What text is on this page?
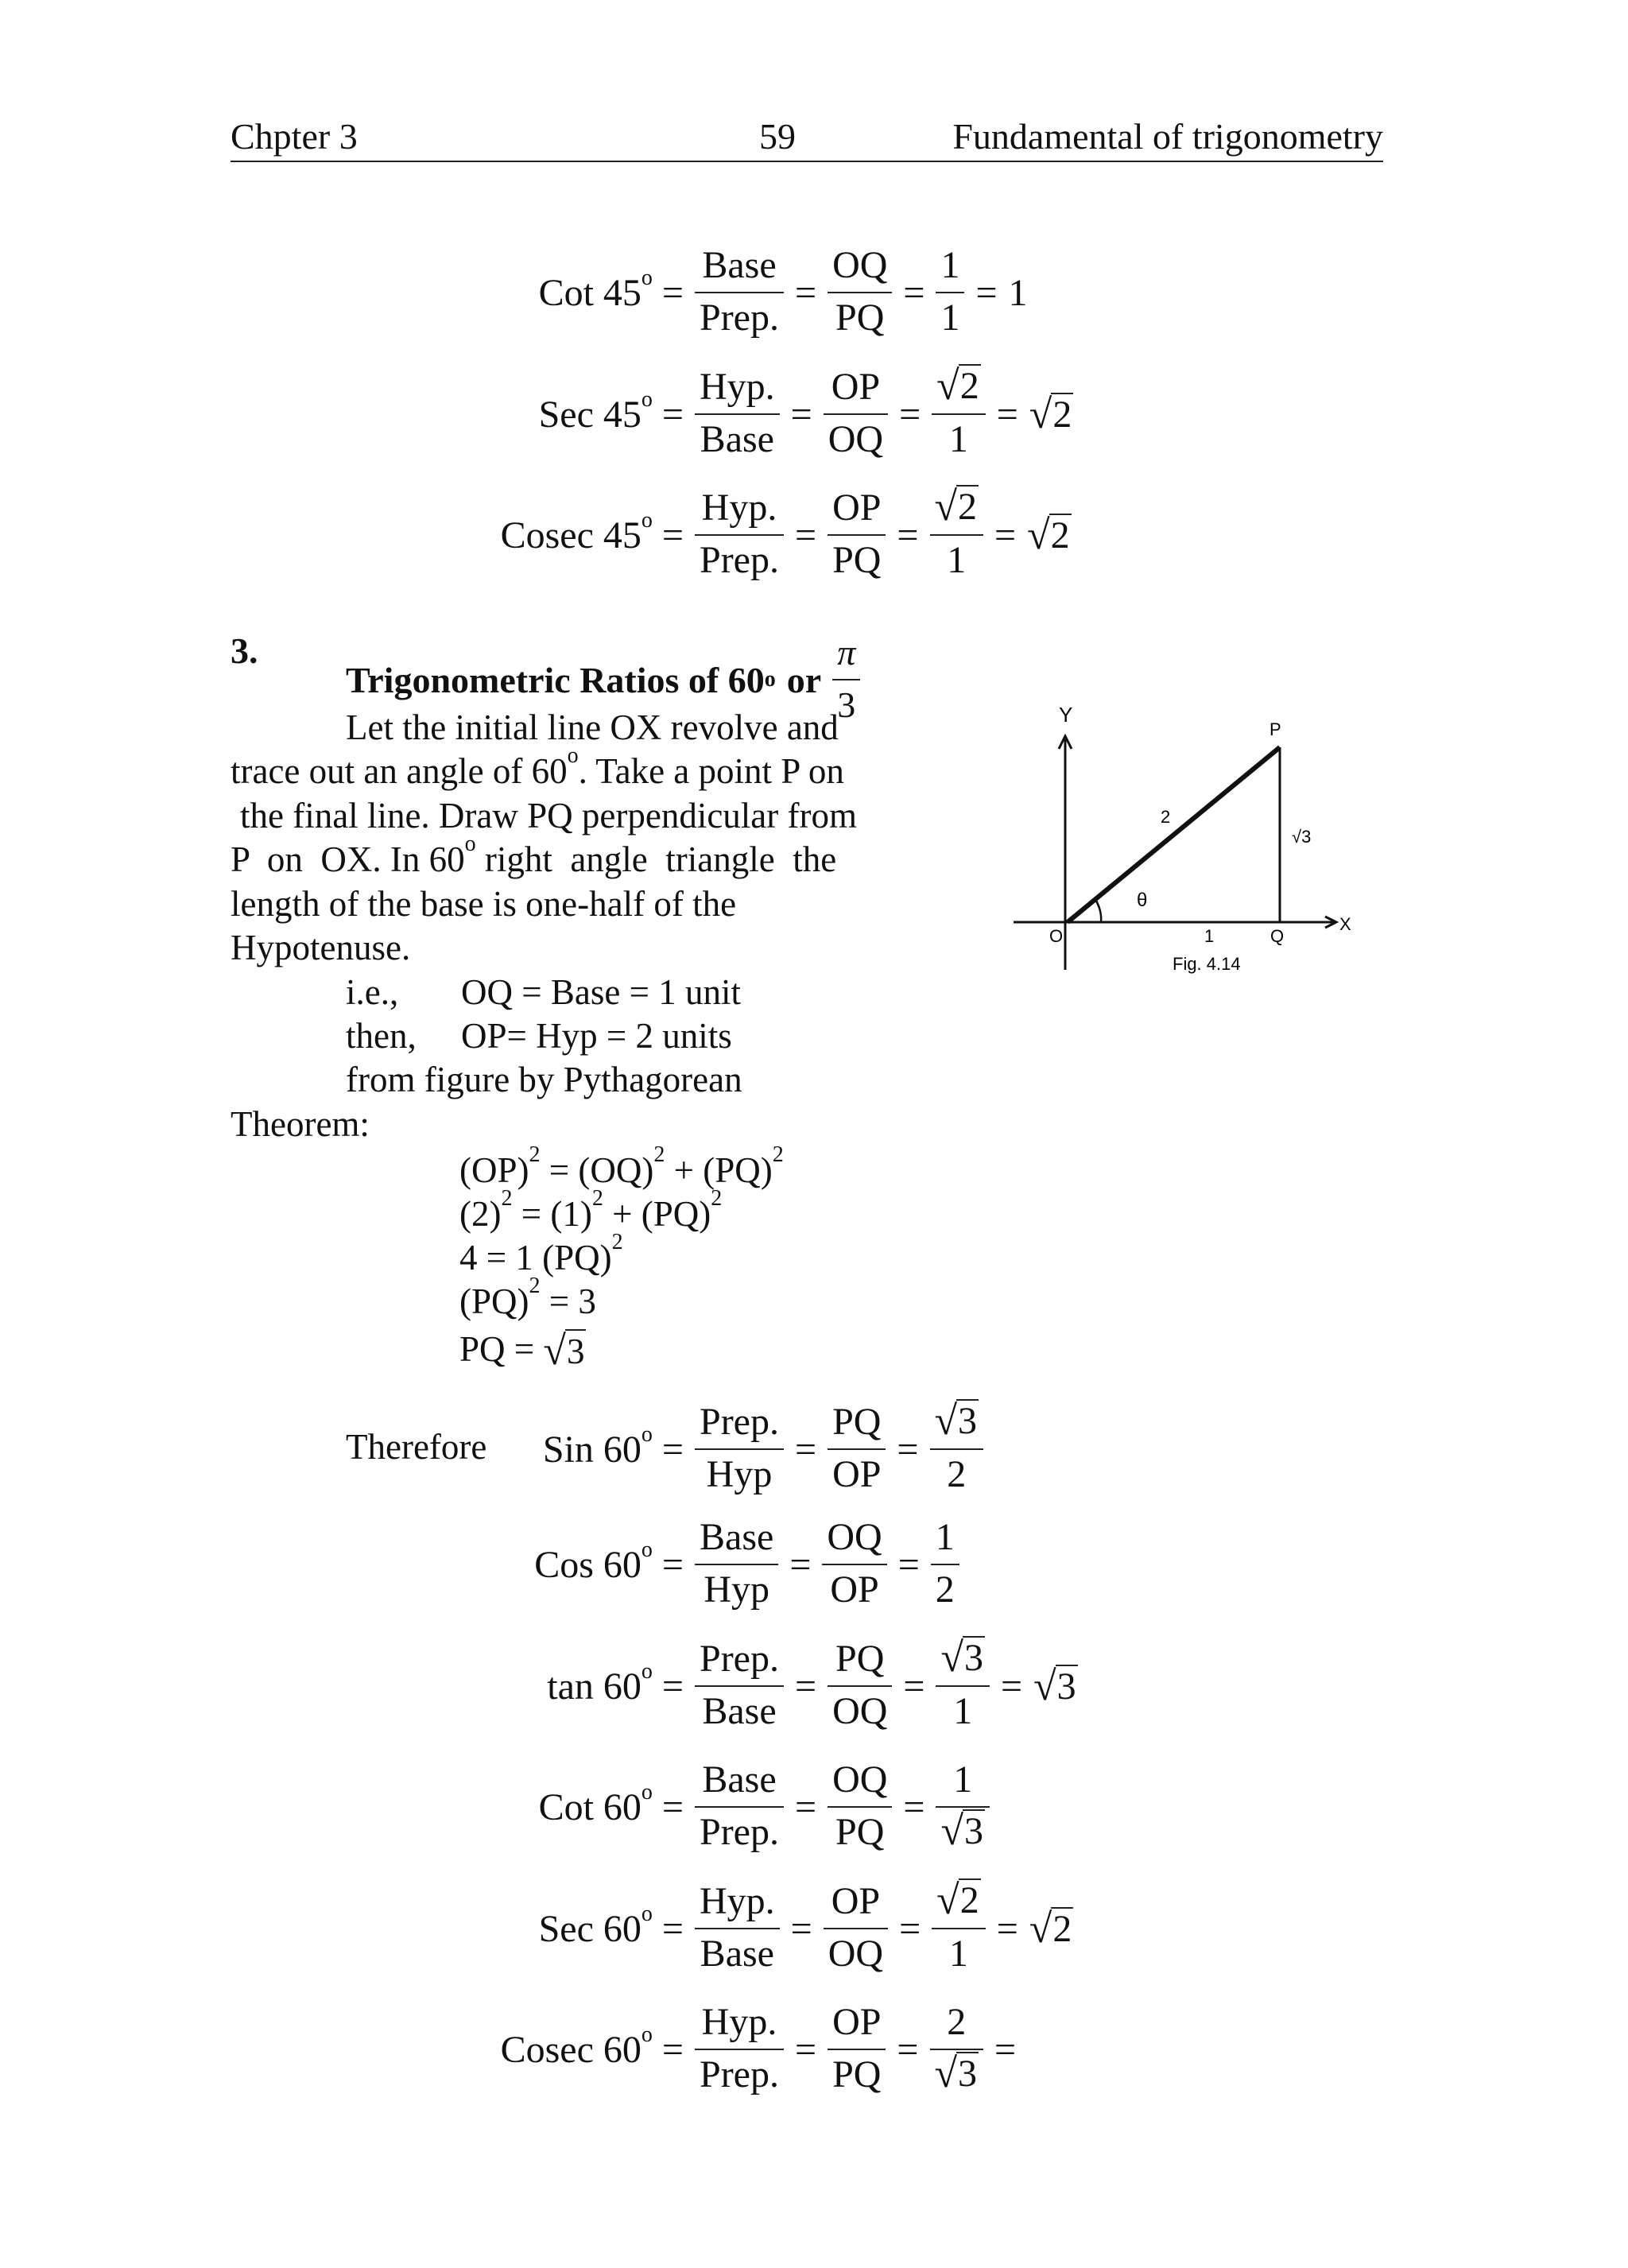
Chpter 3	59	Fundamental of trigonometry
Cot $45^o = \frac{\text{Base}}{\text{Prep.}} = \frac{OQ}{PQ} = \frac{1}{1} = 1$
Sec $45^o = \frac{\text{Hyp.}}{\text{Base}} = \frac{OP}{OQ} = \frac{√ 2}{1}$ = √ 2
Cosec $45^o = \frac{\text{Hyp.}}{\text{Prep.}} = \frac{OP}{PQ} = \frac{√ 2}{1}$ = √ 2
3.
Trigonometric Ratios of 60 o or $\frac{\pi}{3}$
Let the initial line OX revolve and
trace out an angle of 60$^o$. Take a point P on
the final line. Draw PQ perpendicular from
P  on  OX. In 60$^o$ right  angle  triangle  the
length of the base is one-half of the
Hypotenuse.
i.e., OQ = Base = 1 unit
then, OP= Hyp = 2 units
from figure by Pythagorean
Theorem:
(OP)$^2$ = (OQ)$^2$ + (PQ)$^2$
$(2)^2 = (1)^2 + (PQ)^2$
4 = 1 (PQ)$^2$
(PQ)$^2$ = 3
PQ = √ 3
Therefore Sin $60^o = \frac{\text{Prep.}}{\text{Hyp}} = \frac{PQ}{OP} = \frac{√ 3}{2}$
Cos $60^o = \frac{\text{Base}}{\text{Hyp}} = \frac{OQ}{OP} = \frac{1}{2}$
$\tan 60^o = \frac{\text{Prep.}}{\text{Base}} = \frac{PQ}{OQ} = \frac{√ 3}{1}$ = √ 3
Cot $60^o = \frac{\text{Base}}{\text{Prep.}} = \frac{OQ}{PQ} = \frac{1}{√ 3}$
Sec $60^o = \frac{\text{Hyp.}}{\text{Base}} = \frac{OP}{OQ} = \frac{√ 2}{1}$ = √ 2
Cosec $60^o = \frac{\text{Hyp.}}{\text{Prep.}} = \frac{OP}{PQ} = \frac{2}{√ 3}$ =
Y
X
O
P
Q
2
1
√3
θ
Fig. 4.14
